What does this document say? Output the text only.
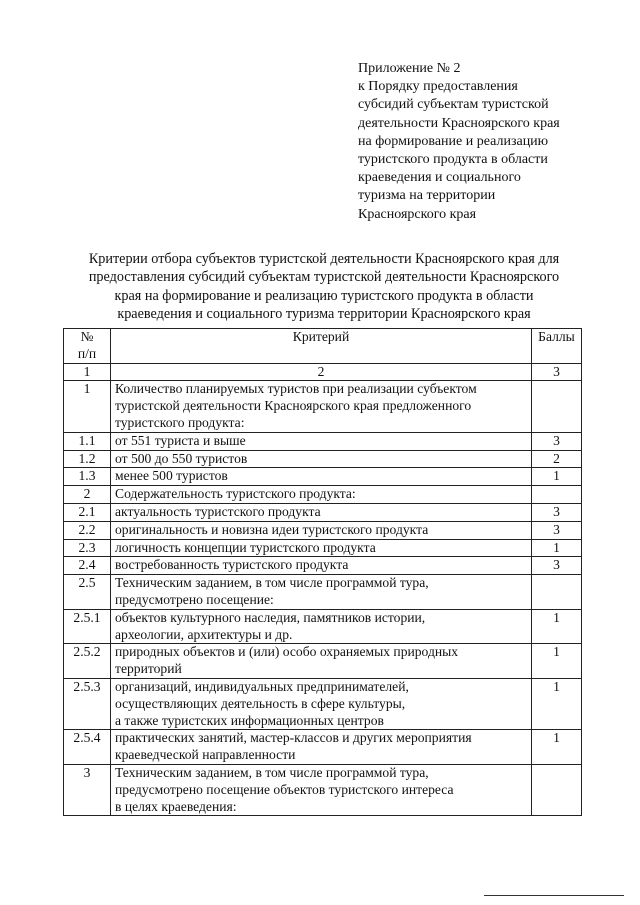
Приложение № 2
к Порядку предоставления
субсидий субъектам туристской
деятельности Красноярского края
на формирование и реализацию
туристского продукта в области
краеведения и социального
туризма на территории
Красноярского края
Критерии отбора субъектов туристской деятельности Красноярского края для
предоставления субсидий субъектам туристской деятельности Красноярского
края на формирование и реализацию туристского продукта в области
краеведения и социального туризма территории Красноярского края
№
п/п	Критерий	Баллы
1	2	3
1	Количество планируемых туристов при реализации субъектом
туристской деятельности Красноярского края предложенного
туристского продукта:	

1.1	от 551 туриста и выше	3
1.2	от 500 до 550 туристов	2
1.3	менее 500 туристов	1
2	Содержательность туристского продукта:	

2.1	актуальность туристского продукта	3
2.2	оригинальность и новизна идеи туристского продукта	3
2.3	логичность концепции туристского продукта	1
2.4	востребованность туристского продукта	3
2.5	Техническим заданием, в том числе программой тура,
предусмотрено посещение:	

2.5.1	объектов культурного наследия, памятников истории,
археологии, архитектуры и др.	1
2.5.2	природных объектов и (или) особо охраняемых природных
территорий	1
2.5.3	организаций, индивидуальных предпринимателей,
осуществляющих деятельность в сфере культуры,
а также туристских информационных центров	1
2.5.4	практических занятий, мастер-классов и других мероприятия
краеведческой направленности	1
3	Техническим заданием, в том числе программой тура,
предусмотрено посещение объектов туристского интереса
в целях краеведения:	
